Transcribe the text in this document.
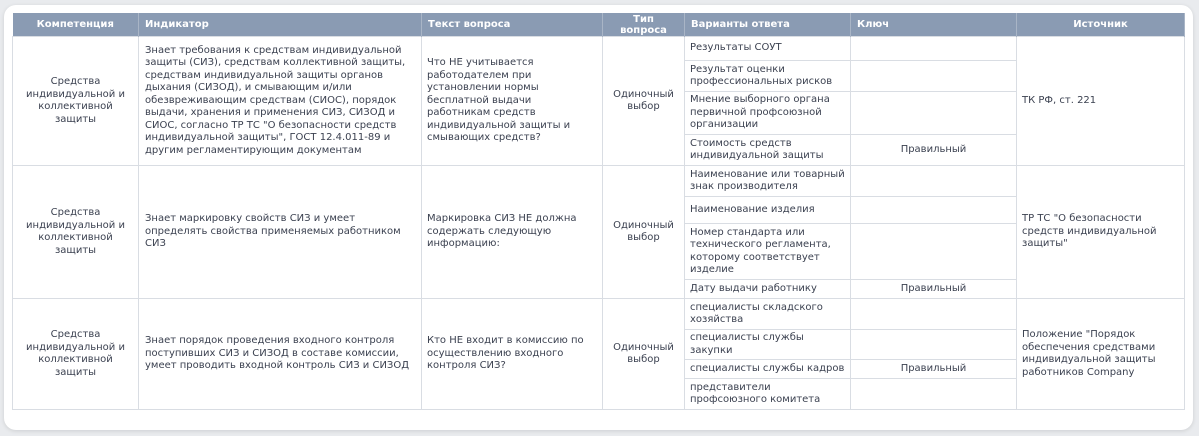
Компетенция	Индикатор	Текст вопроса	Тип вопроса	Варианты ответа	Ключ	Источник
Средства индивидуальной и коллективной защиты	Знает требования к средствам индивидуальной защиты (СИЗ), средствам коллективной защиты, средствам индивидуальной защиты органов дыхания (СИЗОД), и смывающим и/или обезвреживающим средствам (СИОС), порядок выдачи, хранения и применения СИЗ, СИЗОД и СИОС, согласно ТР ТС "О безопасности средств индивидуальной защиты", ГОСТ 12.4.011-89 и другим регламентирующим документам	Что НЕ учитывается работодателем при установлении нормы бесплатной выдачи работникам средств индивидуальной защиты и смывающих средств?	Одиночный выбор	Результаты СОУТ		ТК РФ, ст. 221
				Результат оценки профессиональных рисков		
				Мнение выборного органа первичной профсоюзной организации		
				Стоимость средств индивидуальной защиты	Правильный	
Средства индивидуальной и коллективной защиты	Знает маркировку свойств СИЗ и умеет определять свойства применяемых работником СИЗ	Маркировка СИЗ НЕ должна содержать следующую информацию:	Одиночный выбор	Наименование или товарный знак производителя		ТР ТС "О безопасности средств индивидуальной защиты"
				Наименование изделия		
				Номер стандарта или технического регламента, которому соответствует изделие		
				Дату выдачи работнику	Правильный	
Средства индивидуальной и коллективной защиты	Знает порядок проведения входного контроля поступивших СИЗ и СИЗОД в составе комиссии, умеет проводить входной контроль СИЗ и СИЗОД	Кто НЕ входит в комиссию по осуществлению входного контроля СИЗ?	Одиночный выбор	специалисты складского хозяйства		Положение "Порядок обеспечения средствами индивидуальной защиты работников Company
				специалисты службы закупки		
				специалисты службы кадров	Правильный	
				представители профсоюзного комитета		
